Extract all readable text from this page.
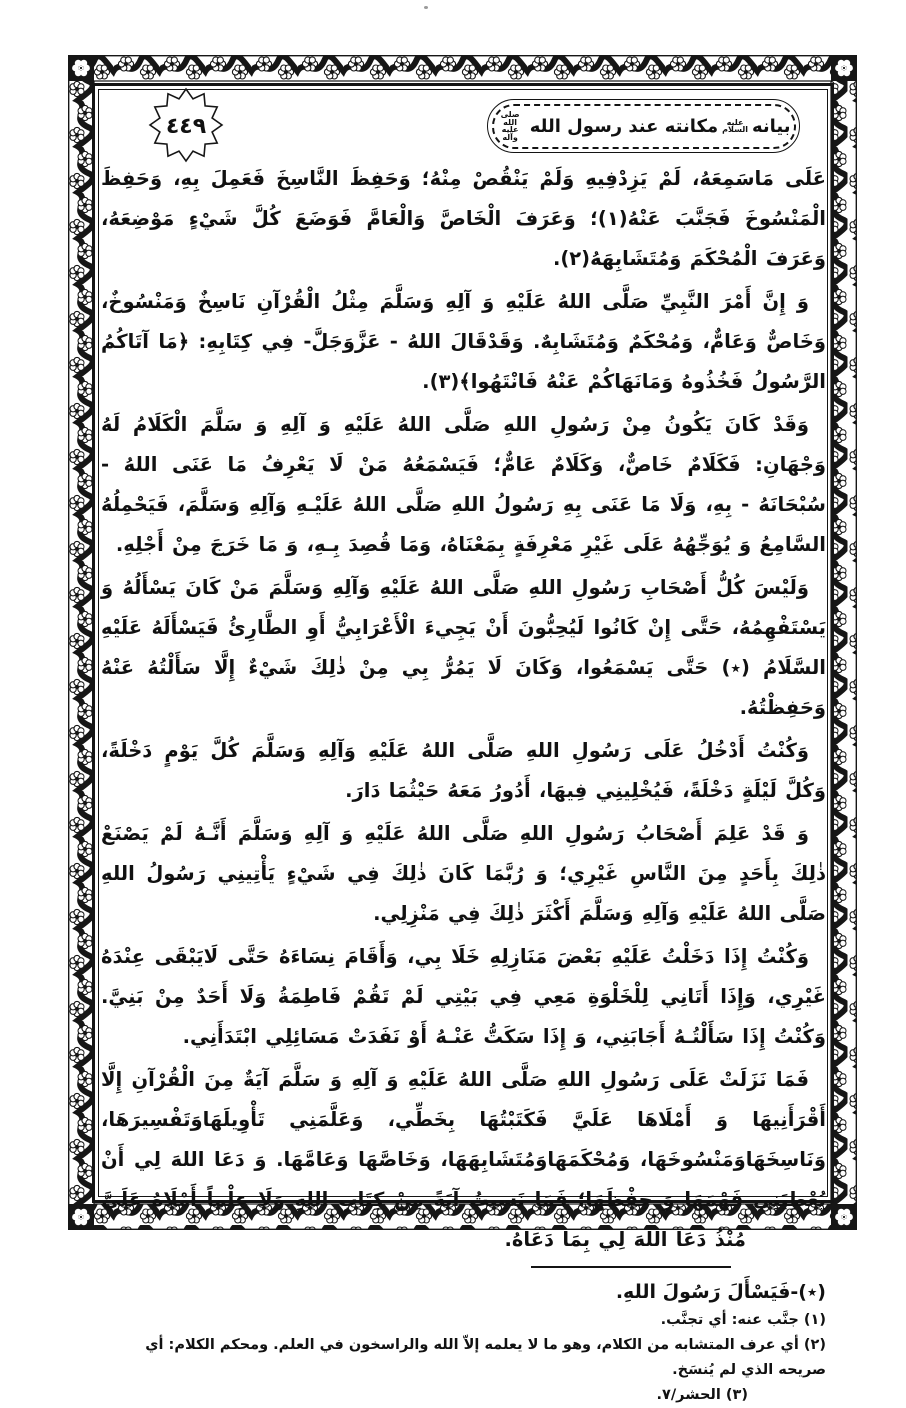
٤٤٩	بيانه
عليه السلام
مكانته عند رسول الله
صلى الله عليه وآله

عَلَى مَاسَمِعَهُ، لَمْ يَزِدْفِيهِ وَلَمْ يَنْقُصْ مِنْهُ؛ وَحَفِظَ النَّاسِخَ فَعَمِلَ بِهِ، وَحَفِظَ الْمَنْسُوخَ فَجَنَّبَ عَنْهُ(١)؛ وَعَرَفَ الْخَاصَّ وَالْعَامَّ فَوَضَعَ كُلَّ شَيْءٍ مَوْضِعَهُ، وَعَرَفَ الْمُحْكَمَ وَمُتَشَابِهَهُ(٢).

وَ إِنَّ أَمْرَ النَّبِيِّ صَلَّى اللهُ عَلَيْهِ وَ آلِهِ وَسَلَّمَ مِثْلُ الْقُرْآنِ نَاسِخٌ وَمَنْسُوخٌ، وَخَاصٌّ وَعَامٌّ، وَمُحْكَمٌ وَمُتَشَابِهٌ. وَقَدْقَالَ اللهُ - عَزَّوَجَلَّ- فِي كِتَابِهِ: ﴿مَا آتَاكُمُ الرَّسُولُ فَخُذُوهُ وَمَانَهَاكُمْ عَنْهُ فَانْتَهُوا﴾(٣).

وَقَدْ كَانَ يَكُونُ مِنْ رَسُولِ اللهِ صَلَّى اللهُ عَلَيْهِ وَ آلِهِ وَ سَلَّمَ الْكَلَامُ لَهُ وَجْهَانِ: فَكَلَامٌ خَاصٌّ، وَكَلَامٌ عَامٌّ؛ فَيَسْمَعُهُ مَنْ لَا يَعْرِفُ مَا عَنَى اللهُ - سُبْحَانَهُ - بِهِ، وَلَا مَا عَنَى بِهِ رَسُولُ اللهِ صَلَّى اللهُ عَلَيْـهِ وَآلِهِ وَسَلَّمَ، فَيَحْمِلُهُ السَّامِعُ وَ يُوَجِّهُهُ عَلَى غَيْرِ مَعْرِفَةٍ بِمَعْنَاهُ، وَمَا قُصِدَ بِـهِ، وَ مَا خَرَجَ مِنْ أَجْلِهِ.

وَلَيْسَ كُلُّ أَصْحَابِ رَسُولِ اللهِ صَلَّى اللهُ عَلَيْهِ وَآلِهِ وَسَلَّمَ مَنْ كَانَ يَسْأَلُهُ وَ يَسْتَفْهِمُهُ، حَتَّى إِنْ كَانُوا لَيُحِبُّونَ أَنْ يَجِيءَ الْأَعْرَابِيُّ أَوِ الطَّارِئُ فَيَسْأَلَهُ عَلَيْهِ السَّلَامُ (٭) حَتَّى يَسْمَعُوا، وَكَانَ لَا يَمُرُّ بِي مِنْ ذٰلِكَ شَيْءٌ إِلَّا سَأَلْتُهُ عَنْهُ وَحَفِظْتُهُ.

وَكُنْتُ أَدْخُلُ عَلَى رَسُولِ اللهِ صَلَّى اللهُ عَلَيْهِ وَآلِهِ وَسَلَّمَ كُلَّ يَوْمٍ دَخْلَةً، وَكُلَّ لَيْلَةٍ دَخْلَةً، فَيُخْلِينِي فِيهَا، أَدُورُ مَعَهُ حَيْثُمَا دَارَ.

وَ قَدْ عَلِمَ أَصْحَابُ رَسُولِ اللهِ صَلَّى اللهُ عَلَيْهِ وَ آلِهِ وَسَلَّمَ أَنَّـهُ لَمْ يَصْنَعْ ذٰلِكَ بِأَحَدٍ مِنَ النَّاسِ غَيْرِي؛ وَ رُبَّمَا كَانَ ذٰلِكَ فِي شَيْءٍ يَأْتِينِي رَسُولُ اللهِ صَلَّى اللهُ عَلَيْهِ وَآلِهِ وَسَلَّمَ أَكْثَرَ ذٰلِكَ فِي مَنْزِلِي.

وَكُنْتُ إِذَا دَخَلْتُ عَلَيْهِ بَعْضَ مَنَازِلِهِ خَلَا بِي، وَأَقَامَ نِسَاءَهُ حَتَّى لَايَبْقَى عِنْدَهُ غَيْرِي، وَإِذَا أَتَانِي لِلْخَلْوَةِ مَعِي فِي بَيْتِي لَمْ تَقُمْ فَاطِمَةُ وَلَا أَحَدٌ مِنْ بَنِيَّ. وَكُنْتُ إِذَا سَأَلْتُـهُ أَجَابَنِي، وَ إِذَا سَكَتُّ عَنْـهُ أَوْ نَفَدَتْ مَسَائِلِي ابْتَدَأَنِي.

فَمَا نَزَلَتْ عَلَى رَسُولِ اللهِ صَلَّى اللهُ عَلَيْهِ وَ آلِهِ وَ سَلَّمَ آيَةٌ مِنَ الْقُرْآنِ إِلَّا أَقْرَأَنِيهَا وَ أَمْلَاهَا عَلَيَّ فَكَتَبْتُهَا بِخَطِّي، وَعَلَّمَنِي تَأْوِيلَهَاوَتَفْسِيرَهَا، وَنَاسِخَهَاوَمَنْسُوخَهَا، وَمُحْكَمَهَاوَمُتَشَابِهَهَا، وَخَاصَّهَا وَعَامَّهَا. وَ دَعَا اللهَ لِي أَنْ يُعْطِيَنِي فَهْمَهَا وَ حِفْظَهَا؛ فَمَا نَسِيتُ آيَةً مِنْ كِتَابِ اللهِ وَلَا عِلْماً أَمْلَاهُ عَلَيَّ

مُنْذُ دَعَا اللهَ لِي بِمَا دَعَاهُ.

(٭)-فَيَسْأَلَ رَسُولَ اللهِ.
(١) جنَّب عنه: أي تجنَّب.
(٢) أي عرف المتشابه من الكلام، وهو ما لا يعلمه إلاّ الله والراسخون في العلم. ومحكم الكلام: أي صريحه الذي لم يُنسَخ.
(٣) الحشر/٧.
